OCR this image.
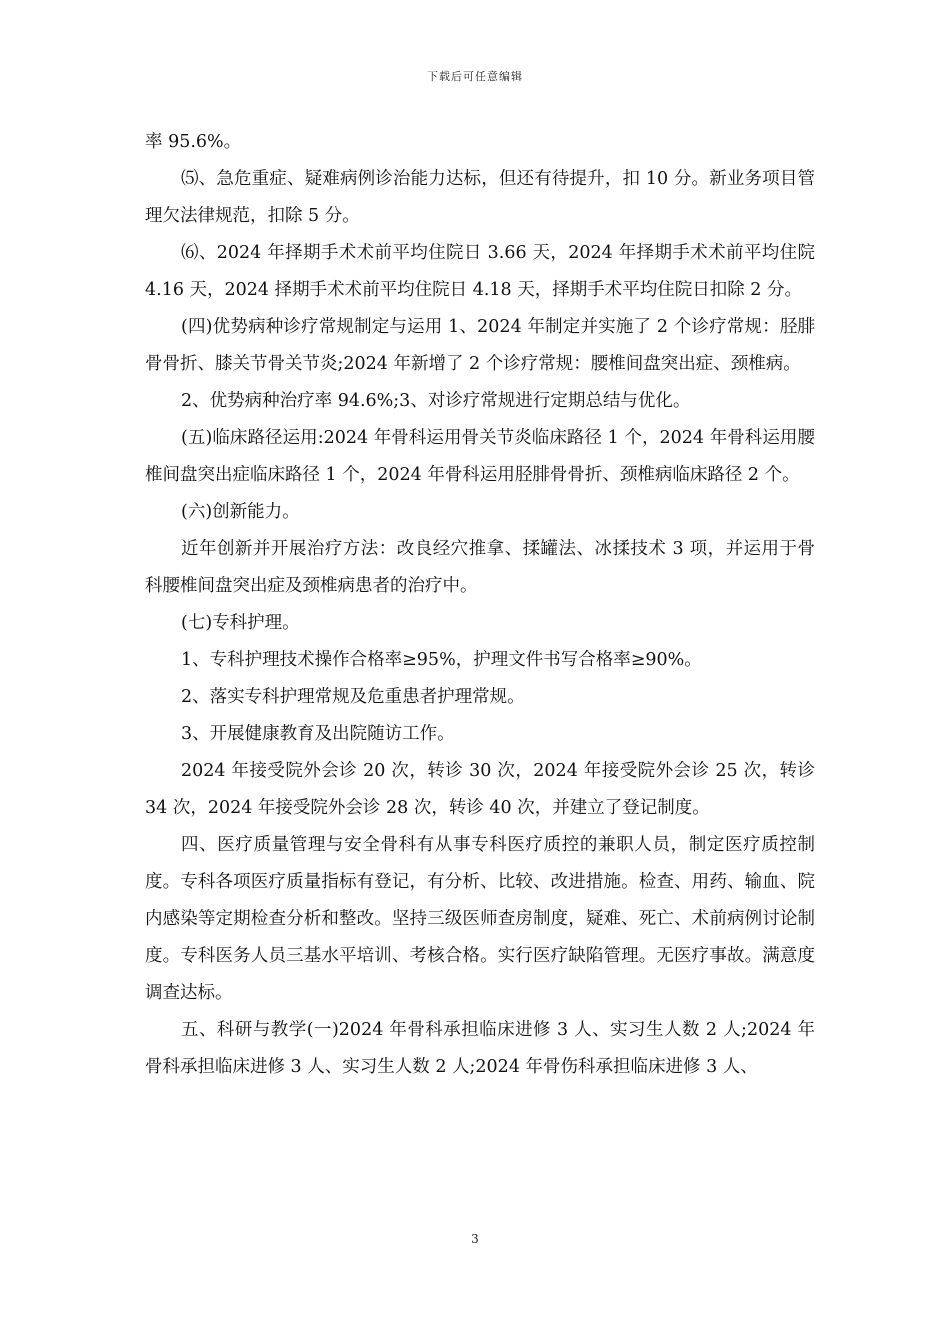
下载后可任意编辑

率 95.6%。

⑸、急危重症、疑难病例诊治能力达标，但还有待提升，扣 10 分。新业务项目管理欠法律规范，扣除 5 分。

⑹、2024 年择期手术术前平均住院日 3.66 天，2024 年择期手术术前平均住院 4.16 天，2024 择期手术术前平均住院日 4.18 天，择期手术平均住院日扣除 2 分。

(四)优势病种诊疗常规制定与运用 1、2024 年制定并实施了 2 个诊疗常规：胫腓骨骨折、膝关节骨关节炎;2024 年新增了 2 个诊疗常规：腰椎间盘突出症、颈椎病。

2、优势病种治疗率 94.6%;3、对诊疗常规进行定期总结与优化。

(五)临床路径运用:2024 年骨科运用骨关节炎临床路径 1 个，2024 年骨科运用腰椎间盘突出症临床路径 1 个，2024 年骨科运用胫腓骨骨折、颈椎病临床路径 2 个。

(六)创新能力。

近年创新并开展治疗方法：改良经穴推拿、揉罐法、冰揉技术 3 项，并运用于骨科腰椎间盘突出症及颈椎病患者的治疗中。

(七)专科护理。

1、专科护理技术操作合格率≥95%，护理文件书写合格率≥90%。

2、落实专科护理常规及危重患者护理常规。

3、开展健康教育及出院随访工作。

2024 年接受院外会诊 20 次，转诊 30 次，2024 年接受院外会诊 25 次，转诊 34 次，2024 年接受院外会诊 28 次，转诊 40 次，并建立了登记制度。

四、医疗质量管理与安全骨科有从事专科医疗质控的兼职人员，制定医疗质控制度。专科各项医疗质量指标有登记，有分析、比较、改进措施。检查、用药、输血、院内感染等定期检查分析和整改。坚持三级医师查房制度，疑难、死亡、术前病例讨论制度。专科医务人员三基水平培训、考核合格。实行医疗缺陷管理。无医疗事故。满意度调查达标。

五、科研与教学(一)2024 年骨科承担临床进修 3 人、实习生人数 2 人;2024 年骨科承担临床进修 3 人、实习生人数 2 人;2024 年骨伤科承担临床进修 3 人、

3
